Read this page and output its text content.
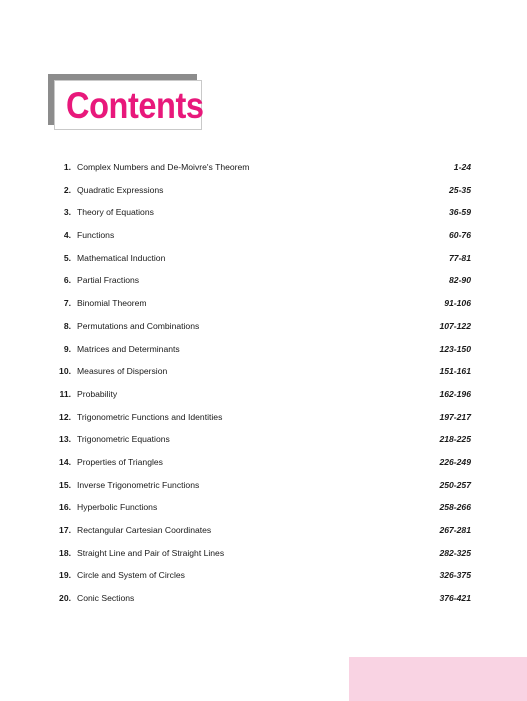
Contents
1. Complex Numbers and De-Moivre's Theorem	1-24
2. Quadratic Expressions	25-35
3. Theory of Equations	36-59
4. Functions	60-76
5. Mathematical Induction	77-81
6. Partial Fractions	82-90
7. Binomial Theorem	91-106
8. Permutations and Combinations	107-122
9. Matrices and Determinants	123-150
10. Measures of Dispersion	151-161
11. Probability	162-196
12. Trigonometric Functions and Identities	197-217
13. Trigonometric Equations	218-225
14. Properties of Triangles	226-249
15. Inverse Trigonometric Functions	250-257
16. Hyperbolic Functions	258-266
17. Rectangular Cartesian Coordinates	267-281
18. Straight Line and Pair of Straight Lines	282-325
19. Circle and System of Circles	326-375
20. Conic Sections	376-421
